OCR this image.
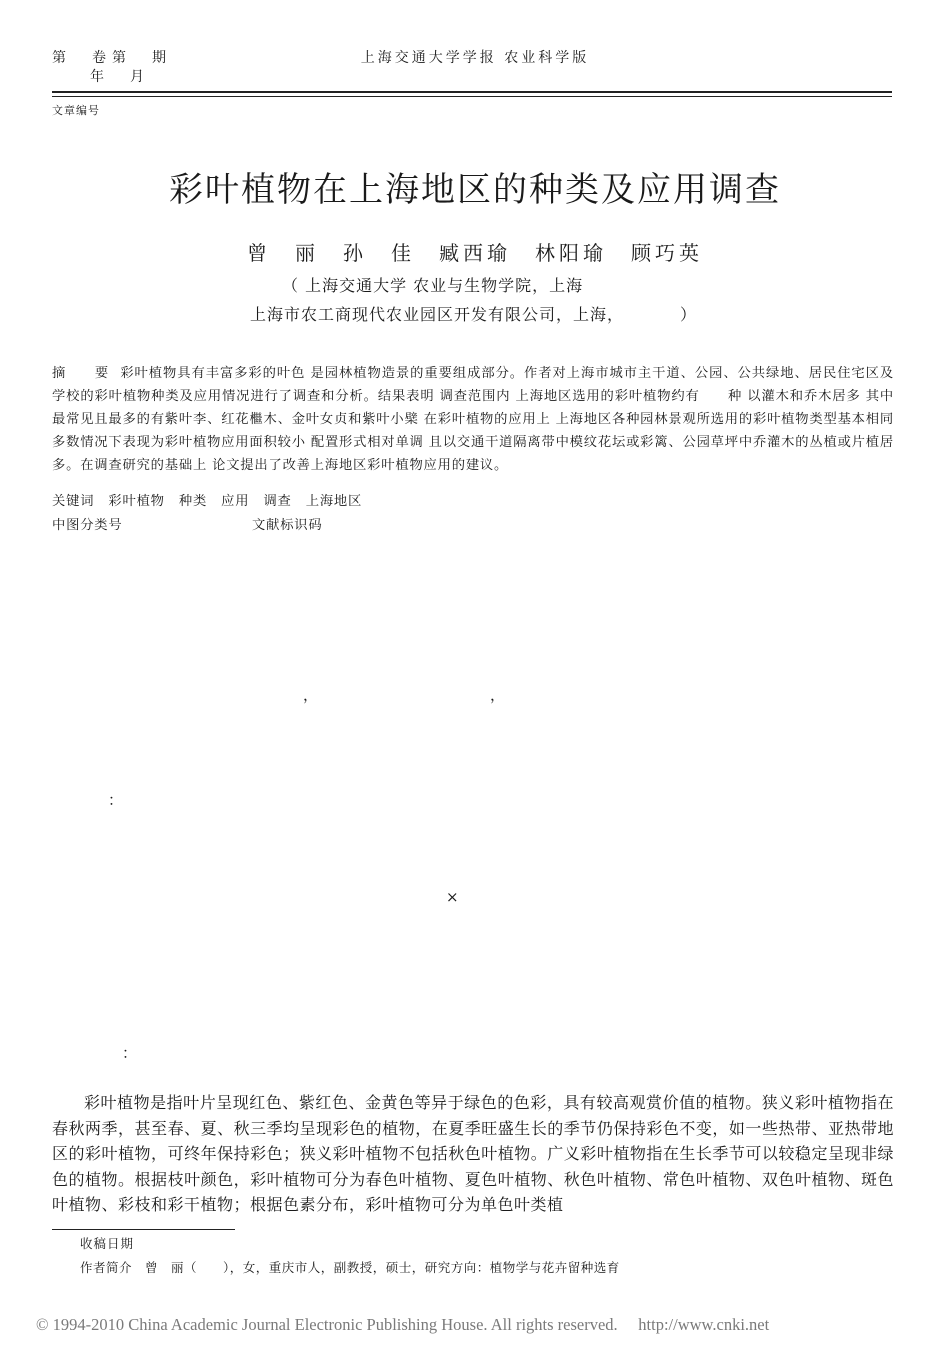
第　卷第　期
年　月
上海交通大学学报 农业科学版
文章编号
彩叶植物在上海地区的种类及应用调查
曾　丽　孙　佳　臧西瑜　林阳瑜　顾巧英
（ 上海交通大学 农业与生物学院，上海
上海市农工商现代农业园区开发有限公司，上海，	）

摘　要 彩叶植物具有丰富多彩的叶色 是园林植物造景的重要组成部分。作者对上海市城市主干道、公园、公共绿地、居民住宅区及学校的彩叶植物种类及应用情况进行了调查和分析。结果表明 调查范围内 上海地区选用的彩叶植物约有　　种 以灌木和乔木居多 其中最常见且最多的有紫叶李、红花檵木、金叶女贞和紫叶小檗 在彩叶植物的应用上 上海地区各种园林景观所选用的彩叶植物类型基本相同 多数情况下表现为彩叶植物应用面积较小 配置形式相对单调 且以交通干道隔离带中模纹花坛或彩篱、公园草坪中乔灌木的丛植或片植居多。在调查研究的基础上 论文提出了改善上海地区彩叶植物应用的建议。

关键词　彩叶植物　种类　应用　调查　上海地区
中图分类号	文献标识码
，	，
：
×
：

彩叶植物是指叶片呈现红色、紫红色、金黄色等异于绿色的色彩，具有较高观赏价值的植物。狭义彩叶植物指在春秋两季，甚至春、夏、秋三季均呈现彩色的植物，在夏季旺盛生长的季节仍保持彩色不变，如一些热带、亚热带地区的彩叶植物，可终年保持彩色；狭义彩叶植物不包括秋色叶植物。广义彩叶植物指在生长季节可以较稳定呈现非绿色的植物。根据枝叶颜色，彩叶植物可分为春色叶植物、夏色叶植物、秋色叶植物、常色叶植物、双色叶植物、斑色叶植物、彩枝和彩干植物；根据色素分布，彩叶植物可分为单色叶类植

收稿日期
作者简介　曾　丽（　　），女，重庆市人，副教授，硕士，研究方向：植物学与花卉留种选育
© 1994-2010 China Academic Journal Electronic Publishing House. All rights reserved.　 http://www.cnki.net
